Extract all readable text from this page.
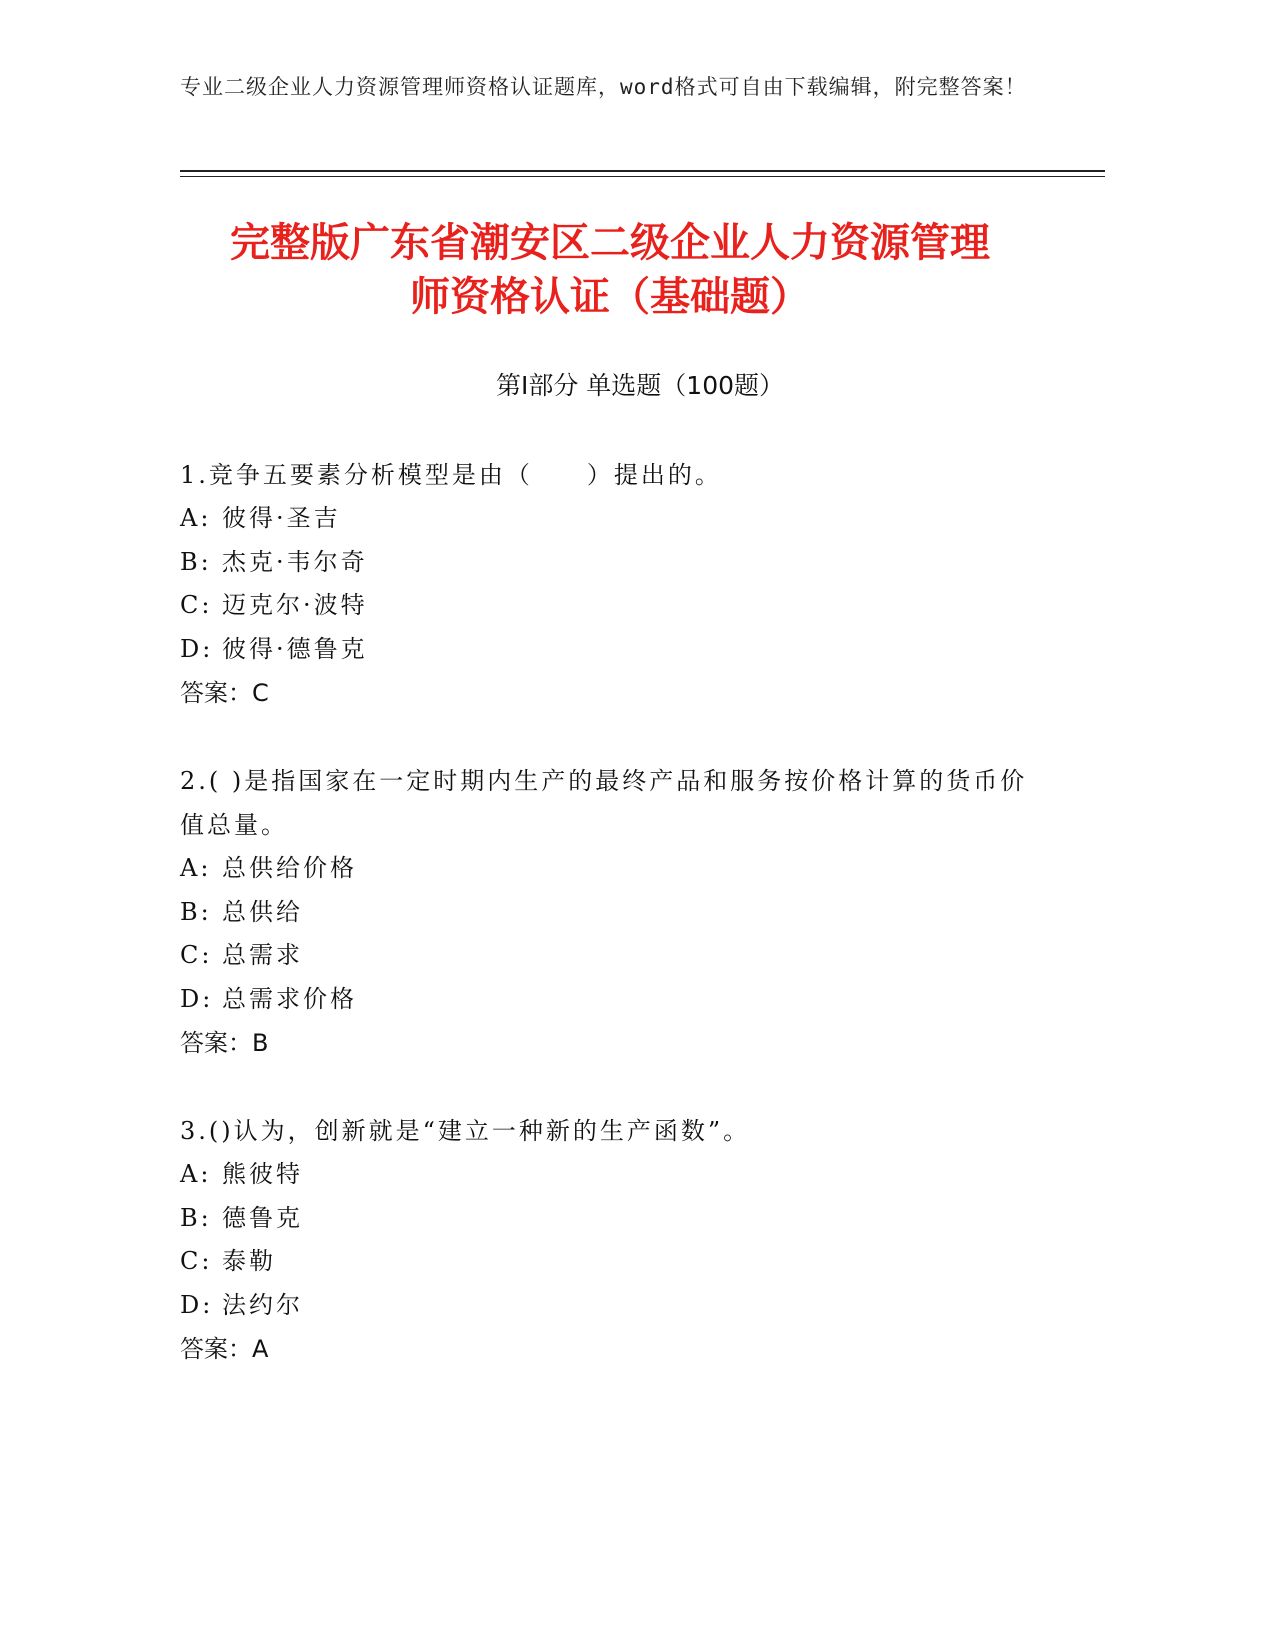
专业二级企业人力资源管理师资格认证题库，word格式可自由下载编辑，附完整答案！
完整版广东省潮安区二级企业人力资源管理
师资格认证（基础题）
第Ⅰ部分 单选题（100题）
1.竞争五要素分析模型是由（　　）提出的。
A: 彼得·圣吉
B: 杰克·韦尔奇
C: 迈克尔·波特
D: 彼得·德鲁克
答案：C
2.( )是指国家在一定时期内生产的最终产品和服务按价格计算的货币价值总量。
A: 总供给价格
B: 总供给
C: 总需求
D: 总需求价格
答案：B
3.()认为，创新就是“建立一种新的生产函数”。
A: 熊彼特
B: 德鲁克
C: 泰勒
D: 法约尔
答案：A
